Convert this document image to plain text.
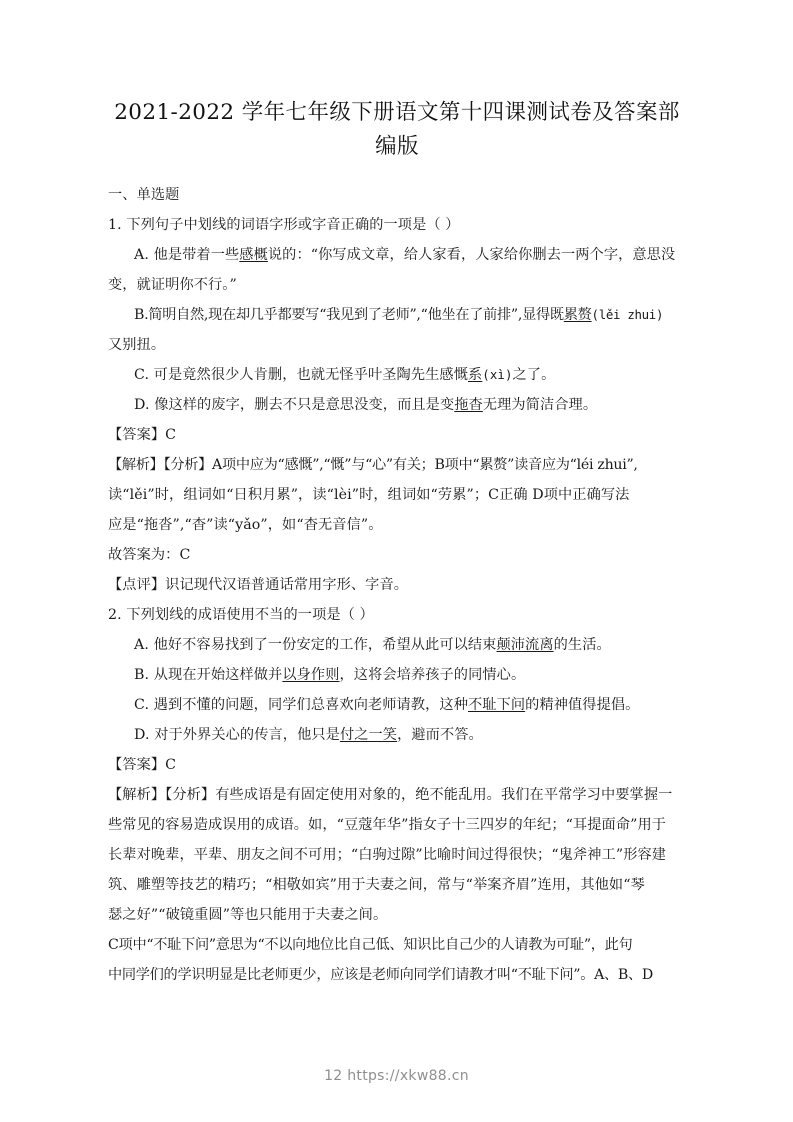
2021-2022 学年七年级下册语文第十四课测试卷及答案部编版

一、单选题

1. 下列句子中划线的词语字形或字音正确的一项是（ ）

A. 他是带着一些感概说的：“你写成文章，给人家看，人家给你删去一两个字，意思没

变，就证明你不行。”

B.简明自然,现在却几乎都要写“我见到了老师”,“他坐在了前排”,显得既累赘(lěi zhui)

又别扭。

C. 可是竟然很少人肯删，也就无怪乎叶圣陶先生感慨系(xì)之了。

D. 像这样的废字，删去不只是意思没变，而且是变拖杳无理为简洁合理。

【答案】C

【解析】【分析】A项中应为“感慨”,“慨”与“心”有关；B项中“累赘”读音应为“léi zhui”,

读“lěi”时，组词如“日积月累”，读“lèi”时，组词如“劳累”；C正确 D项中正确写法

应是“拖沓”,“杳”读“yǎo”，如“杳无音信”。

故答案为：C

【点评】识记现代汉语普通话常用字形、字音。

2. 下列划线的成语使用不当的一项是（ ）

A. 他好不容易找到了一份安定的工作，希望从此可以结束颠沛流离的生活。

B. 从现在开始这样做并以身作则，这将会培养孩子的同情心。

C. 遇到不懂的问题，同学们总喜欢向老师请教，这种不耻下问的精神值得提倡。

D. 对于外界关心的传言，他只是付之一笑，避而不答。

【答案】C

【解析】【分析】有些成语是有固定使用对象的，绝不能乱用。我们在平常学习中要掌握一

些常见的容易造成误用的成语。如，“豆蔻年华”指女子十三四岁的年纪；“耳提面命”用于

长辈对晚辈，平辈、朋友之间不可用；“白驹过隙”比喻时间过得很快；“鬼斧神工”形容建

筑、雕塑等技艺的精巧；“相敬如宾”用于夫妻之间，常与“举案齐眉”连用，其他如“琴

瑟之好”“破镜重圆”等也只能用于夫妻之间。

C项中“不耻下问”意思为“不以向地位比自己低、知识比自己少的人请教为可耻”，此句

中同学们的学识明显是比老师更少，应该是老师向同学们请教才叫“不耻下问”。A、B、D

12 https://xkw88.cn
